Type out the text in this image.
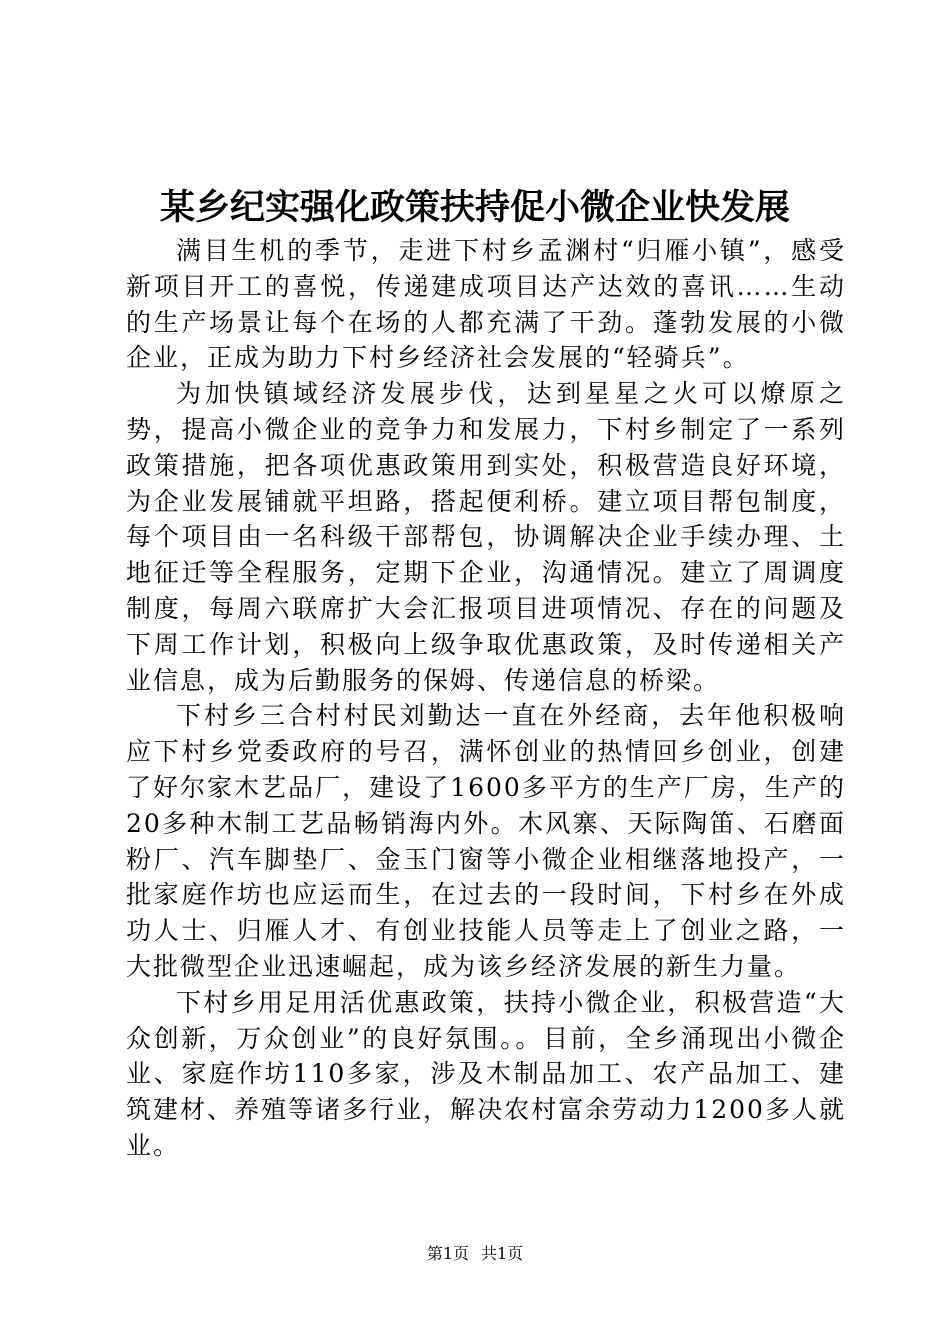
某乡纪实强化政策扶持促小微企业快发展

满目生机的季节，走进下村乡孟渊村“归雁小镇”，感受新项目开工的喜悦，传递建成项目达产达效的喜讯……生动的生产场景让每个在场的人都充满了干劲。蓬勃发展的小微企业，正成为助力下村乡经济社会发展的“轻骑兵”。

为加快镇域经济发展步伐，达到星星之火可以燎原之势，提高小微企业的竞争力和发展力，下村乡制定了一系列政策措施，把各项优惠政策用到实处，积极营造良好环境，为企业发展铺就平坦路，搭起便利桥。建立项目帮包制度，每个项目由一名科级干部帮包，协调解决企业手续办理、土地征迁等全程服务，定期下企业，沟通情况。建立了周调度制度，每周六联席扩大会汇报项目进项情况、存在的问题及下周工作计划，积极向上级争取优惠政策，及时传递相关产业信息，成为后勤服务的保姆、传递信息的桥梁。

下村乡三合村村民刘勤达一直在外经商，去年他积极响应下村乡党委政府的号召，满怀创业的热情回乡创业，创建了好尔家木艺品厂，建设了1600多平方的生产厂房，生产的20多种木制工艺品畅销海内外。木风寨、天际陶笛、石磨面粉厂、汽车脚垫厂、金玉门窗等小微企业相继落地投产，一批家庭作坊也应运而生，在过去的一段时间，下村乡在外成功人士、归雁人才、有创业技能人员等走上了创业之路，一大批微型企业迅速崛起，成为该乡经济发展的新生力量。

下村乡用足用活优惠政策，扶持小微企业，积极营造“大众创新，万众创业”的良好氛围。。目前，全乡涌现出小微企业、家庭作坊110多家，涉及木制品加工、农产品加工、建筑建材、养殖等诸多行业，解决农村富余劳动力1200多人就业。

第1页 共1页
